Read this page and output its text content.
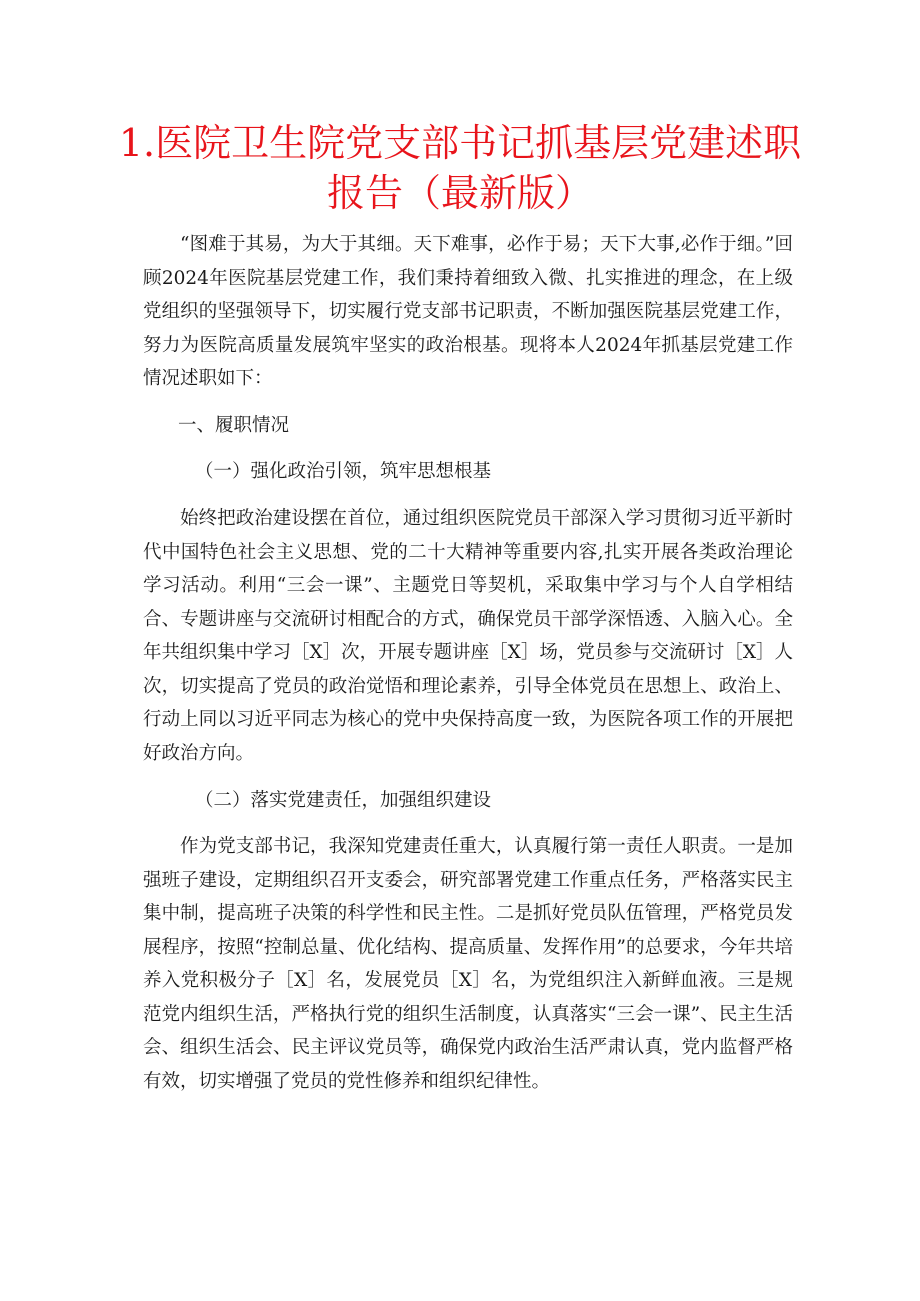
1.医院卫生院党支部书记抓基层党建述职报告（最新版）

“图难于其易，为大于其细。天下难事，必作于易；天下大事,必作于细。”回顾2024年医院基层党建工作，我们秉持着细致入微、扎实推进的理念，在上级党组织的坚强领导下，切实履行党支部书记职责，不断加强医院基层党建工作，努力为医院高质量发展筑牢坚实的政治根基。现将本人2024年抓基层党建工作情况述职如下：

一、履职情况
（一）强化政治引领，筑牢思想根基

始终把政治建设摆在首位，通过组织医院党员干部深入学习贯彻习近平新时代中国特色社会主义思想、党的二十大精神等重要内容,扎实开展各类政治理论学习活动。利用“三会一课”、主题党日等契机，采取集中学习与个人自学相结合、专题讲座与交流研讨相配合的方式，确保党员干部学深悟透、入脑入心。全年共组织集中学习［X］次，开展专题讲座［X］场，党员参与交流研讨［X］人次，切实提高了党员的政治觉悟和理论素养，引导全体党员在思想上、政治上、行动上同以习近平同志为核心的党中央保持高度一致，为医院各项工作的开展把好政治方向。

（二）落实党建责任，加强组织建设

作为党支部书记，我深知党建责任重大，认真履行第一责任人职责。一是加强班子建设，定期组织召开支委会，研究部署党建工作重点任务，严格落实民主集中制，提高班子决策的科学性和民主性。二是抓好党员队伍管理，严格党员发展程序，按照“控制总量、优化结构、提高质量、发挥作用”的总要求，今年共培养入党积极分子［X］名，发展党员［X］名，为党组织注入新鲜血液。三是规范党内组织生活，严格执行党的组织生活制度，认真落实“三会一课”、民主生活会、组织生活会、民主评议党员等，确保党内政治生活严肃认真，党内监督严格有效，切实增强了党员的党性修养和组织纪律性。
